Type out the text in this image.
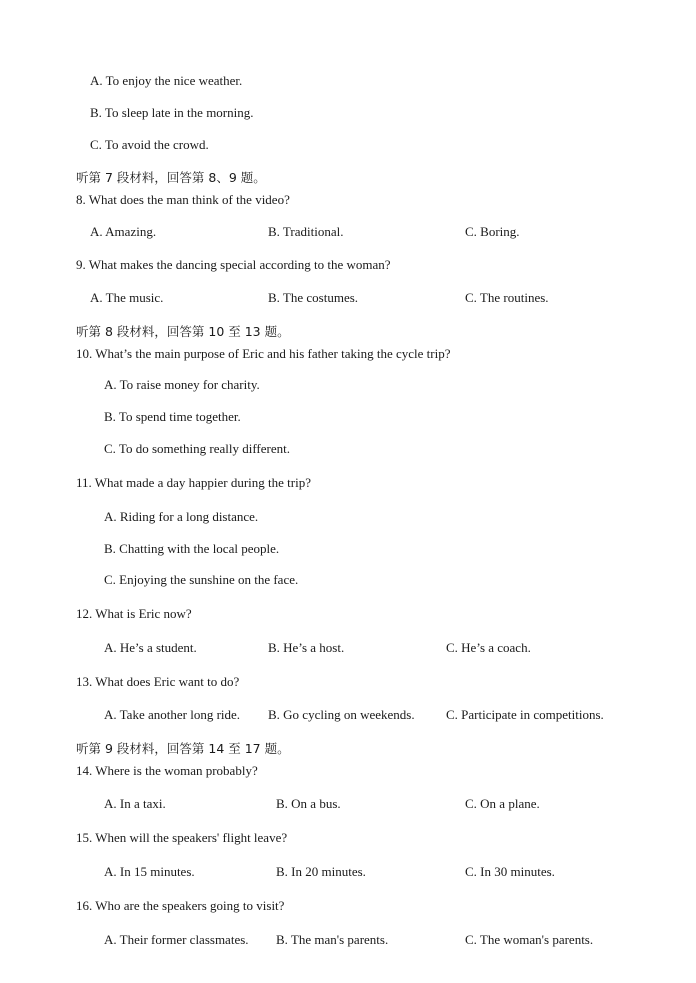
A. To enjoy the nice weather.
B. To sleep late in the morning.
C. To avoid the crowd.
听第 7 段材料，回答第 8、9 题。
8. What does the man think of the video?
A. Amazing.	B. Traditional.	C. Boring.
9. What makes the dancing special according to the woman?
A. The music.	B. The costumes.	C. The routines.
听第 8 段材料，回答第 10 至 13 题。
10. What’s the main purpose of Eric and his father taking the cycle trip?
A. To raise money for charity.
B. To spend time together.
C. To do something really different.
11. What made a day happier during the trip?
A. Riding for a long distance.
B. Chatting with the local people.
C. Enjoying the sunshine on the face.
12. What is Eric now?
A. He’s a student.	B. He’s a host.	C. He’s a coach.
13. What does Eric want to do?
A. Take another long ride. B. Go cycling on weekends. C. Participate in competitions.
听第 9 段材料，回答第 14 至 17 题。
14. Where is the woman probably?
A. In a taxi.	B. On a bus.	C. On a plane.
15. When will the speakers' flight leave?
A. In 15 minutes.	B. In 20 minutes.	C. In 30 minutes.
16. Who are the speakers going to visit?
A. Their former classmates. B. The man's parents.	C. The woman's parents.
